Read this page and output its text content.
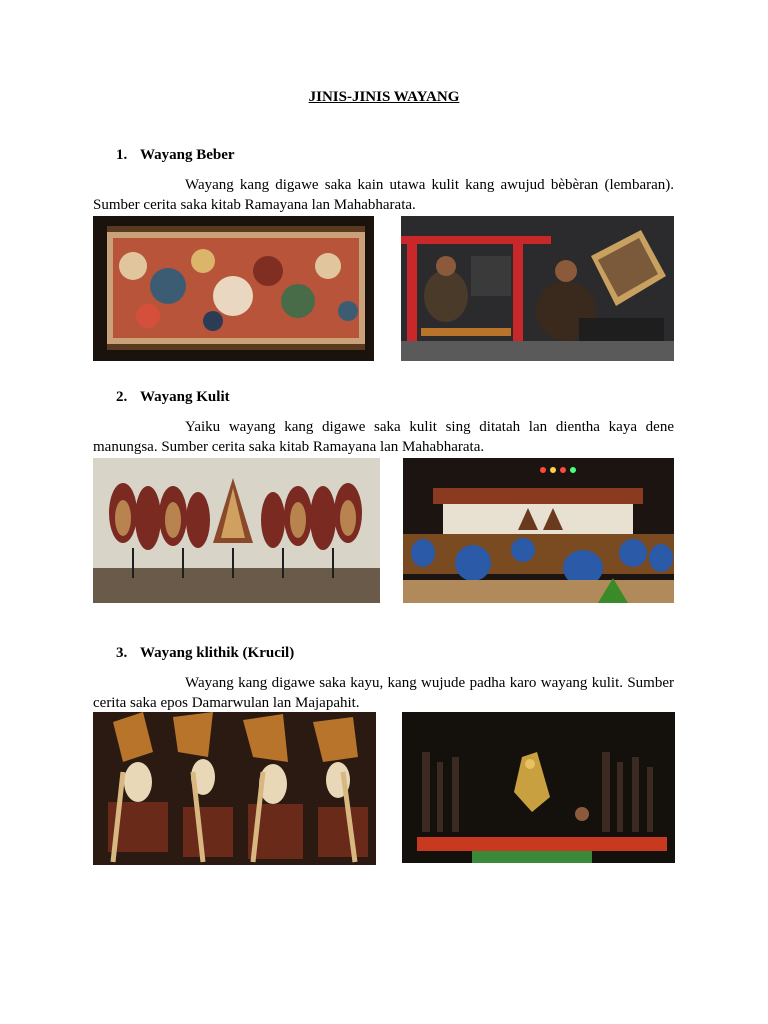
JINIS-JINIS WAYANG
1. Wayang Beber
Wayang kang digawe saka kain utawa kulit kang awujud bèbèran (lembaran). Sumber cerita saka kitab Ramayana lan Mahabharata.
2. Wayang Kulit
Yaiku wayang kang digawe saka kulit sing ditatah lan dientha kaya dene manungsa. Sumber cerita saka kitab Ramayana lan Mahabharata.
3. Wayang klithik (Krucil)
Wayang kang digawe saka kayu, kang wujude padha karo wayang kulit. Sumber cerita saka epos Damarwulan lan Majapahit.
